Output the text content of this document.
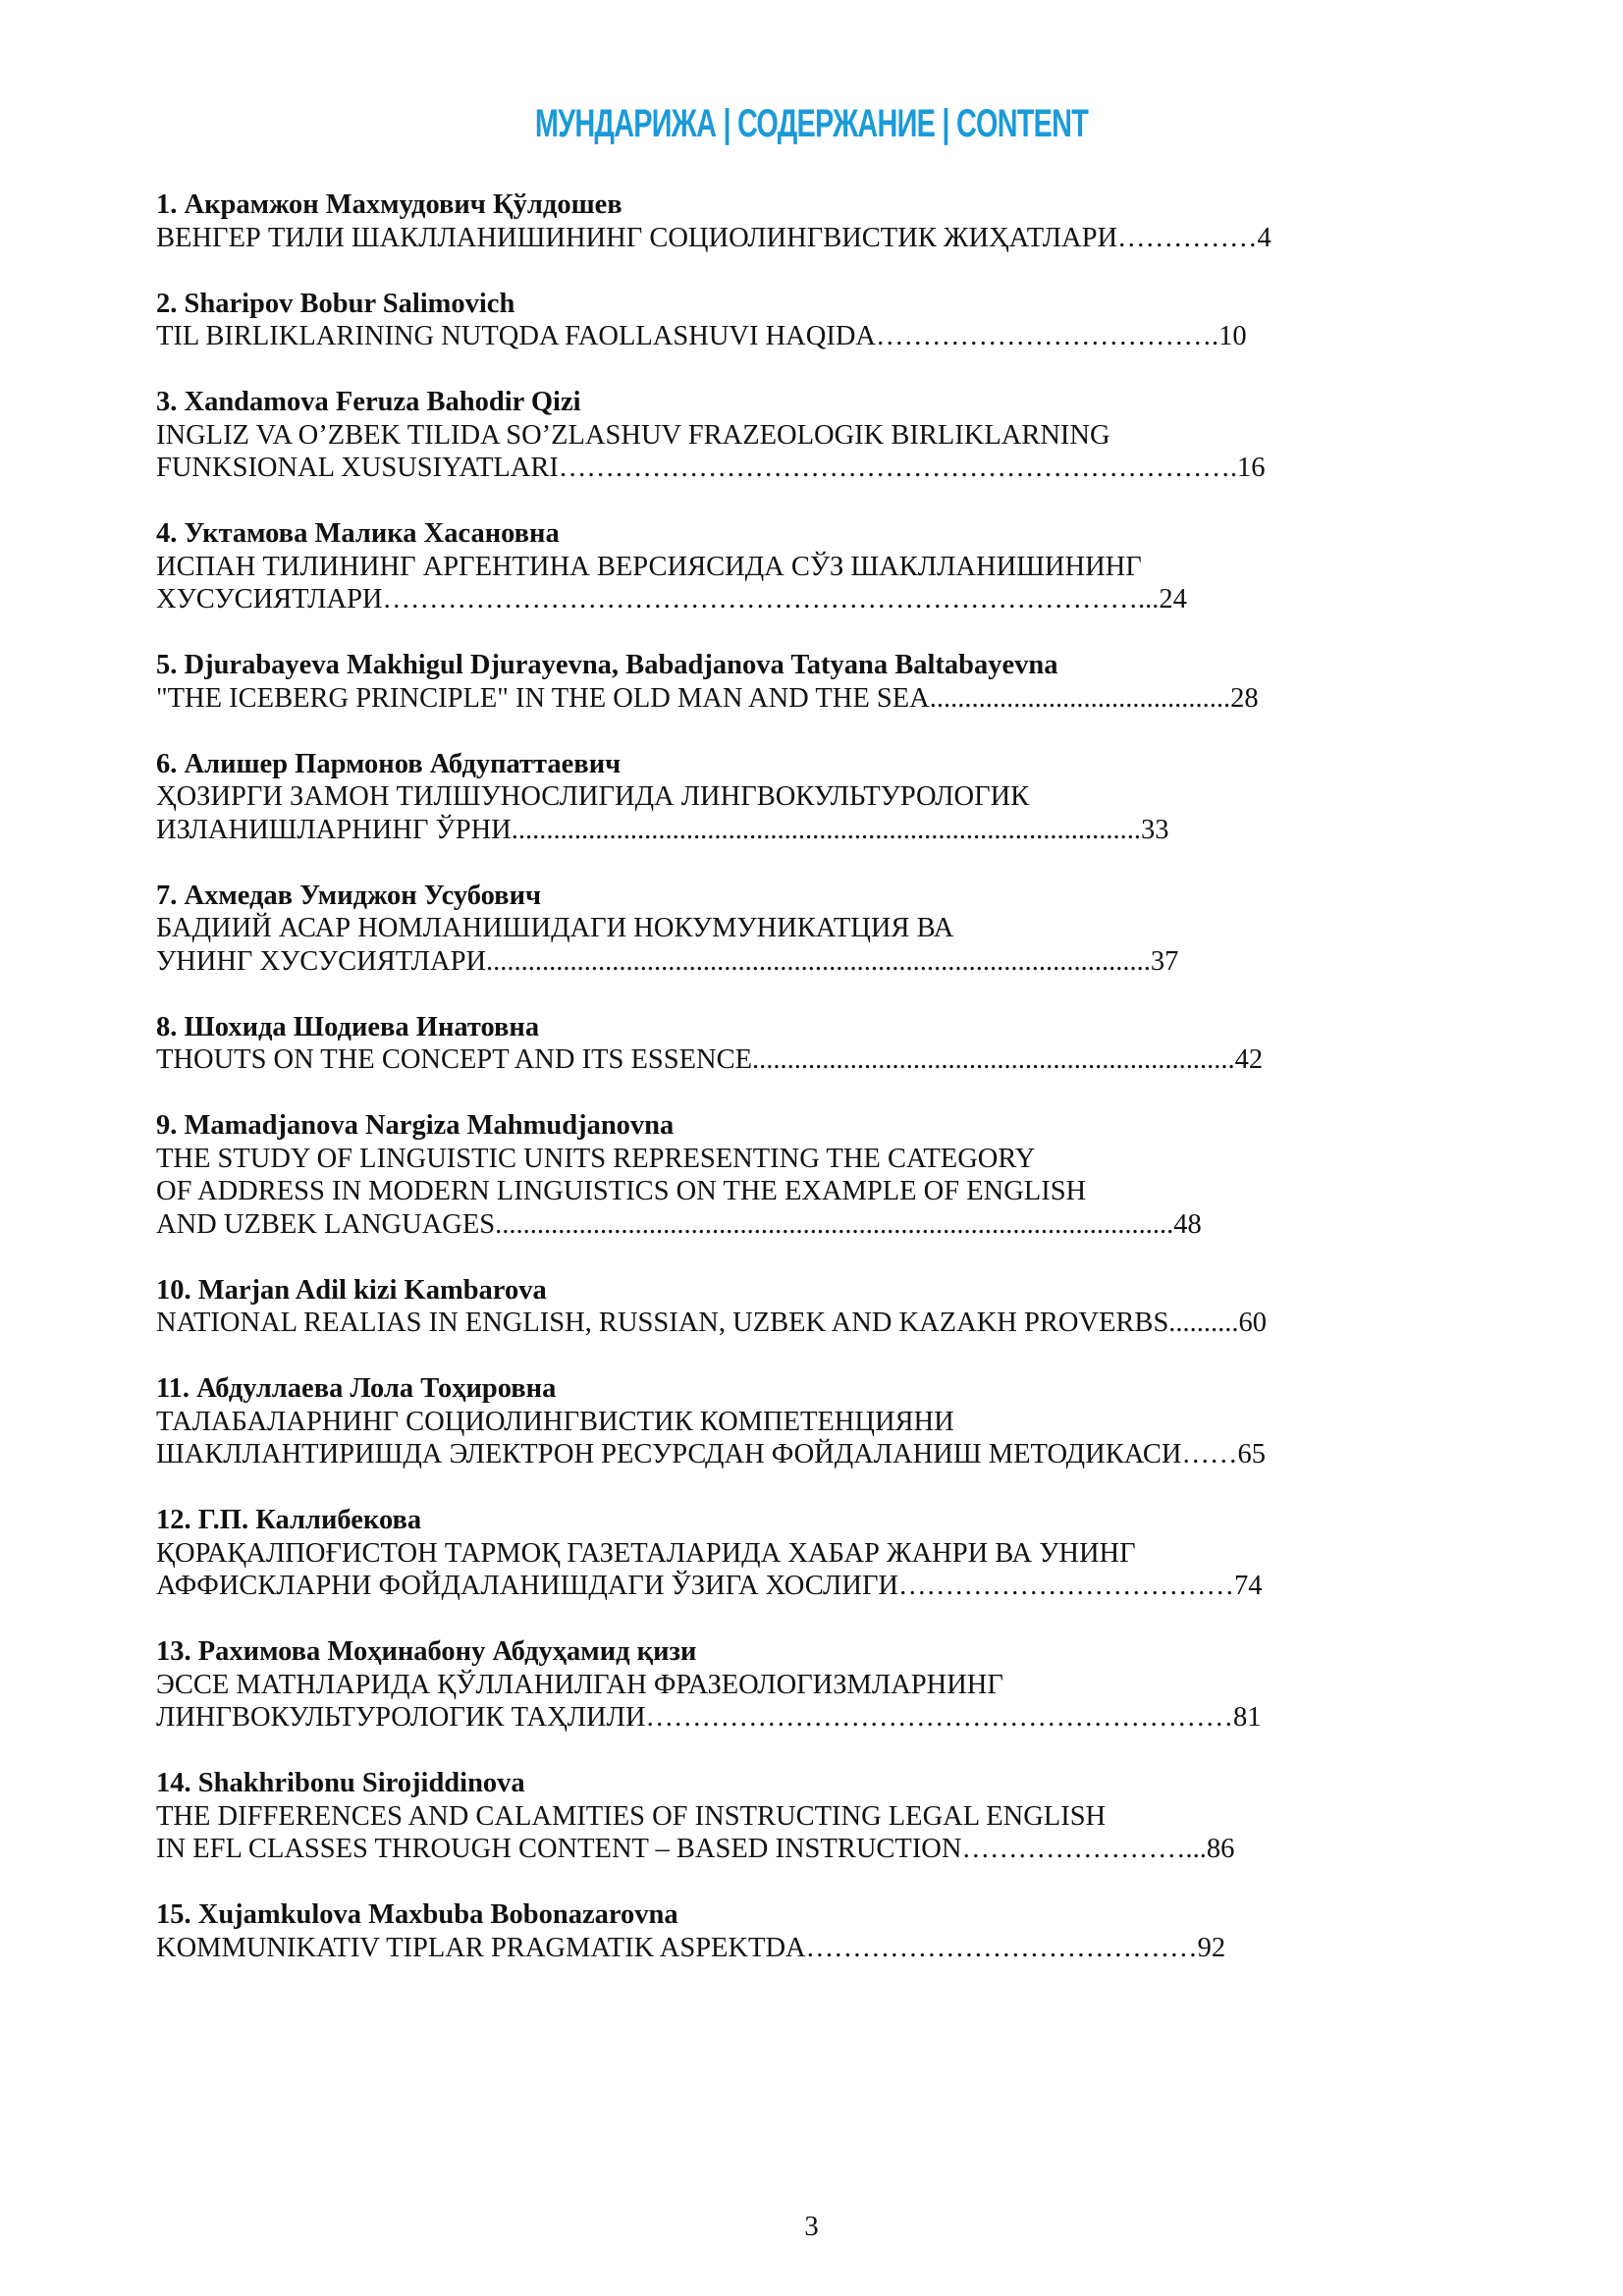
МУНДАРИЖА | СОДЕРЖАНИЕ | CONTENT
1. Акрамжон Махмудович Қўлдошев
ВЕНГЕР ТИЛИ ШАКЛЛАНИШИНИНГ СОЦИОЛИНГВИСТИК ЖИҲАТЛАРИ……………4
2. Sharipov Bobur Salimovich
TIL BIRLIKLARINING NUTQDA FAOLLASHUVI HAQIDA……………………………….10
3. Xandamova Feruza Bahodir Qizi
INGLIZ VA O’ZBEK TILIDA SO’ZLASHUV FRAZEOLOGIK BIRLIKLARNING
FUNKSIONAL XUSUSIYATLARI……………………………………………………………….16
4. Уктамова Малика Хасановна
ИСПАН ТИЛИНИНГ АРГЕНТИНА ВЕРСИЯСИДА СЎЗ ШАКЛЛАНИШИНИНГ
ХУСУСИЯТЛАРИ………………………………………………………………………...24
5. Djurabayeva Makhigul Djurayevna, Babadjanova Tatyana Baltabayevna
"THE ICEBERG PRINCIPLE" IN THE OLD MAN AND THE SEA...........................................28
6. Алишер Пармонов Абдупаттаевич
ҲОЗИРГИ ЗАМОН ТИЛШУНОСЛИГИДА ЛИНГВОКУЛЬТУРОЛОГИК
ИЗЛАНИШЛАРНИНГ ЎРНИ..........................................................................................33
7. Ахмедав Умиджон Усубович
БАДИИЙ АСАР НОМЛАНИШИДАГИ НОКУМУНИКАТЦИЯ ВА
УНИНГ ХУСУСИЯТЛАРИ...............................................................................................37
8. Шохида Шодиева Инатовна
THOUTS ON THE CONCEPT AND ITS ESSENCE.....................................................................42
9. Mamadjanova Nargiza Mahmudjanovna
THE STUDY OF LINGUISTIC UNITS REPRESENTING THE CATEGORY
OF ADDRESS IN MODERN LINGUISTICS ON THE EXAMPLE OF ENGLISH
AND UZBEK LANGUAGES.................................................................................................48
10. Marjan Adil kizi Kambarova
NATIONAL REALIAS IN ENGLISH, RUSSIAN, UZBEK AND KAZAKH PROVERBS..........60
11. Абдуллаева Лола Тоҳировна
ТАЛАБАЛАРНИНГ СОЦИОЛИНГВИСТИК КОМПЕТЕНЦИЯНИ
ШАКЛЛАНТИРИШДА ЭЛЕКТРОН РЕСУРСДАН ФОЙДАЛАНИШ МЕТОДИКАСИ……65
12. Г.П. Каллибекова
ҚОРАҚАЛПОҒИСТОН ТАРМОҚ ГАЗЕТАЛАРИДА ХАБАР ЖАНРИ ВА УНИНГ
АФФИСКЛАРНИ ФОЙДАЛАНИШДАГИ ЎЗИГА ХОСЛИГИ………………………………74
13. Рахимова Моҳинабону Абдуҳамид қизи
ЭССЕ МАТНЛАРИДА ҚЎЛЛАНИЛГАН ФРАЗЕОЛОГИЗМЛАРНИНГ
ЛИНГВОКУЛЬТУРОЛОГИК ТАҲЛИЛИ………………………………………………………81
14. Shakhribonu Sirojiddinova
THE DIFFERENCES AND CALAMITIES OF INSTRUCTING LEGAL ENGLISH
IN EFL CLASSES THROUGH CONTENT – BASED INSTRUCTION……………………...86
15. Xujamkulova Maxbuba Bobonazarovna
KOMMUNIKATIV TIPLAR PRAGMATIK ASPEKTDA……………………………………92
3
